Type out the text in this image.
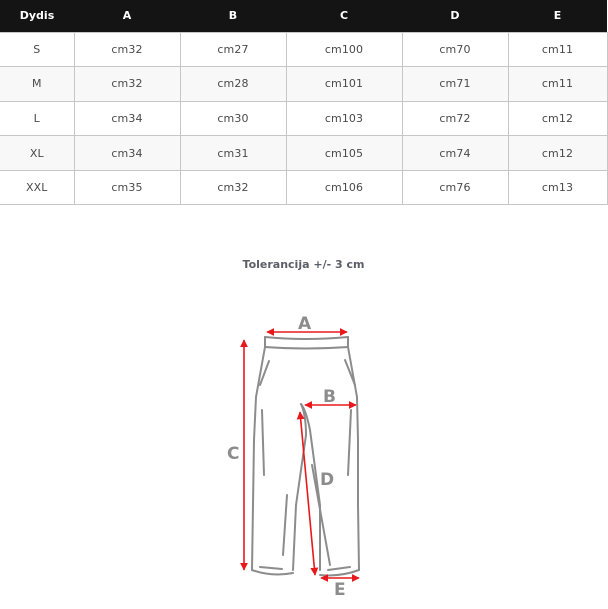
Dydis	A	B	C	D	E
S	cm32	cm27	cm100	cm70	cm11
M	cm32	cm28	cm101	cm71	cm11
L	cm34	cm30	cm103	cm72	cm12
XL	cm34	cm31	cm105	cm74	cm12
XXL	cm35	cm32	cm106	cm76	cm13
Tolerancija +/- 3 cm
A
B
C
D
E
